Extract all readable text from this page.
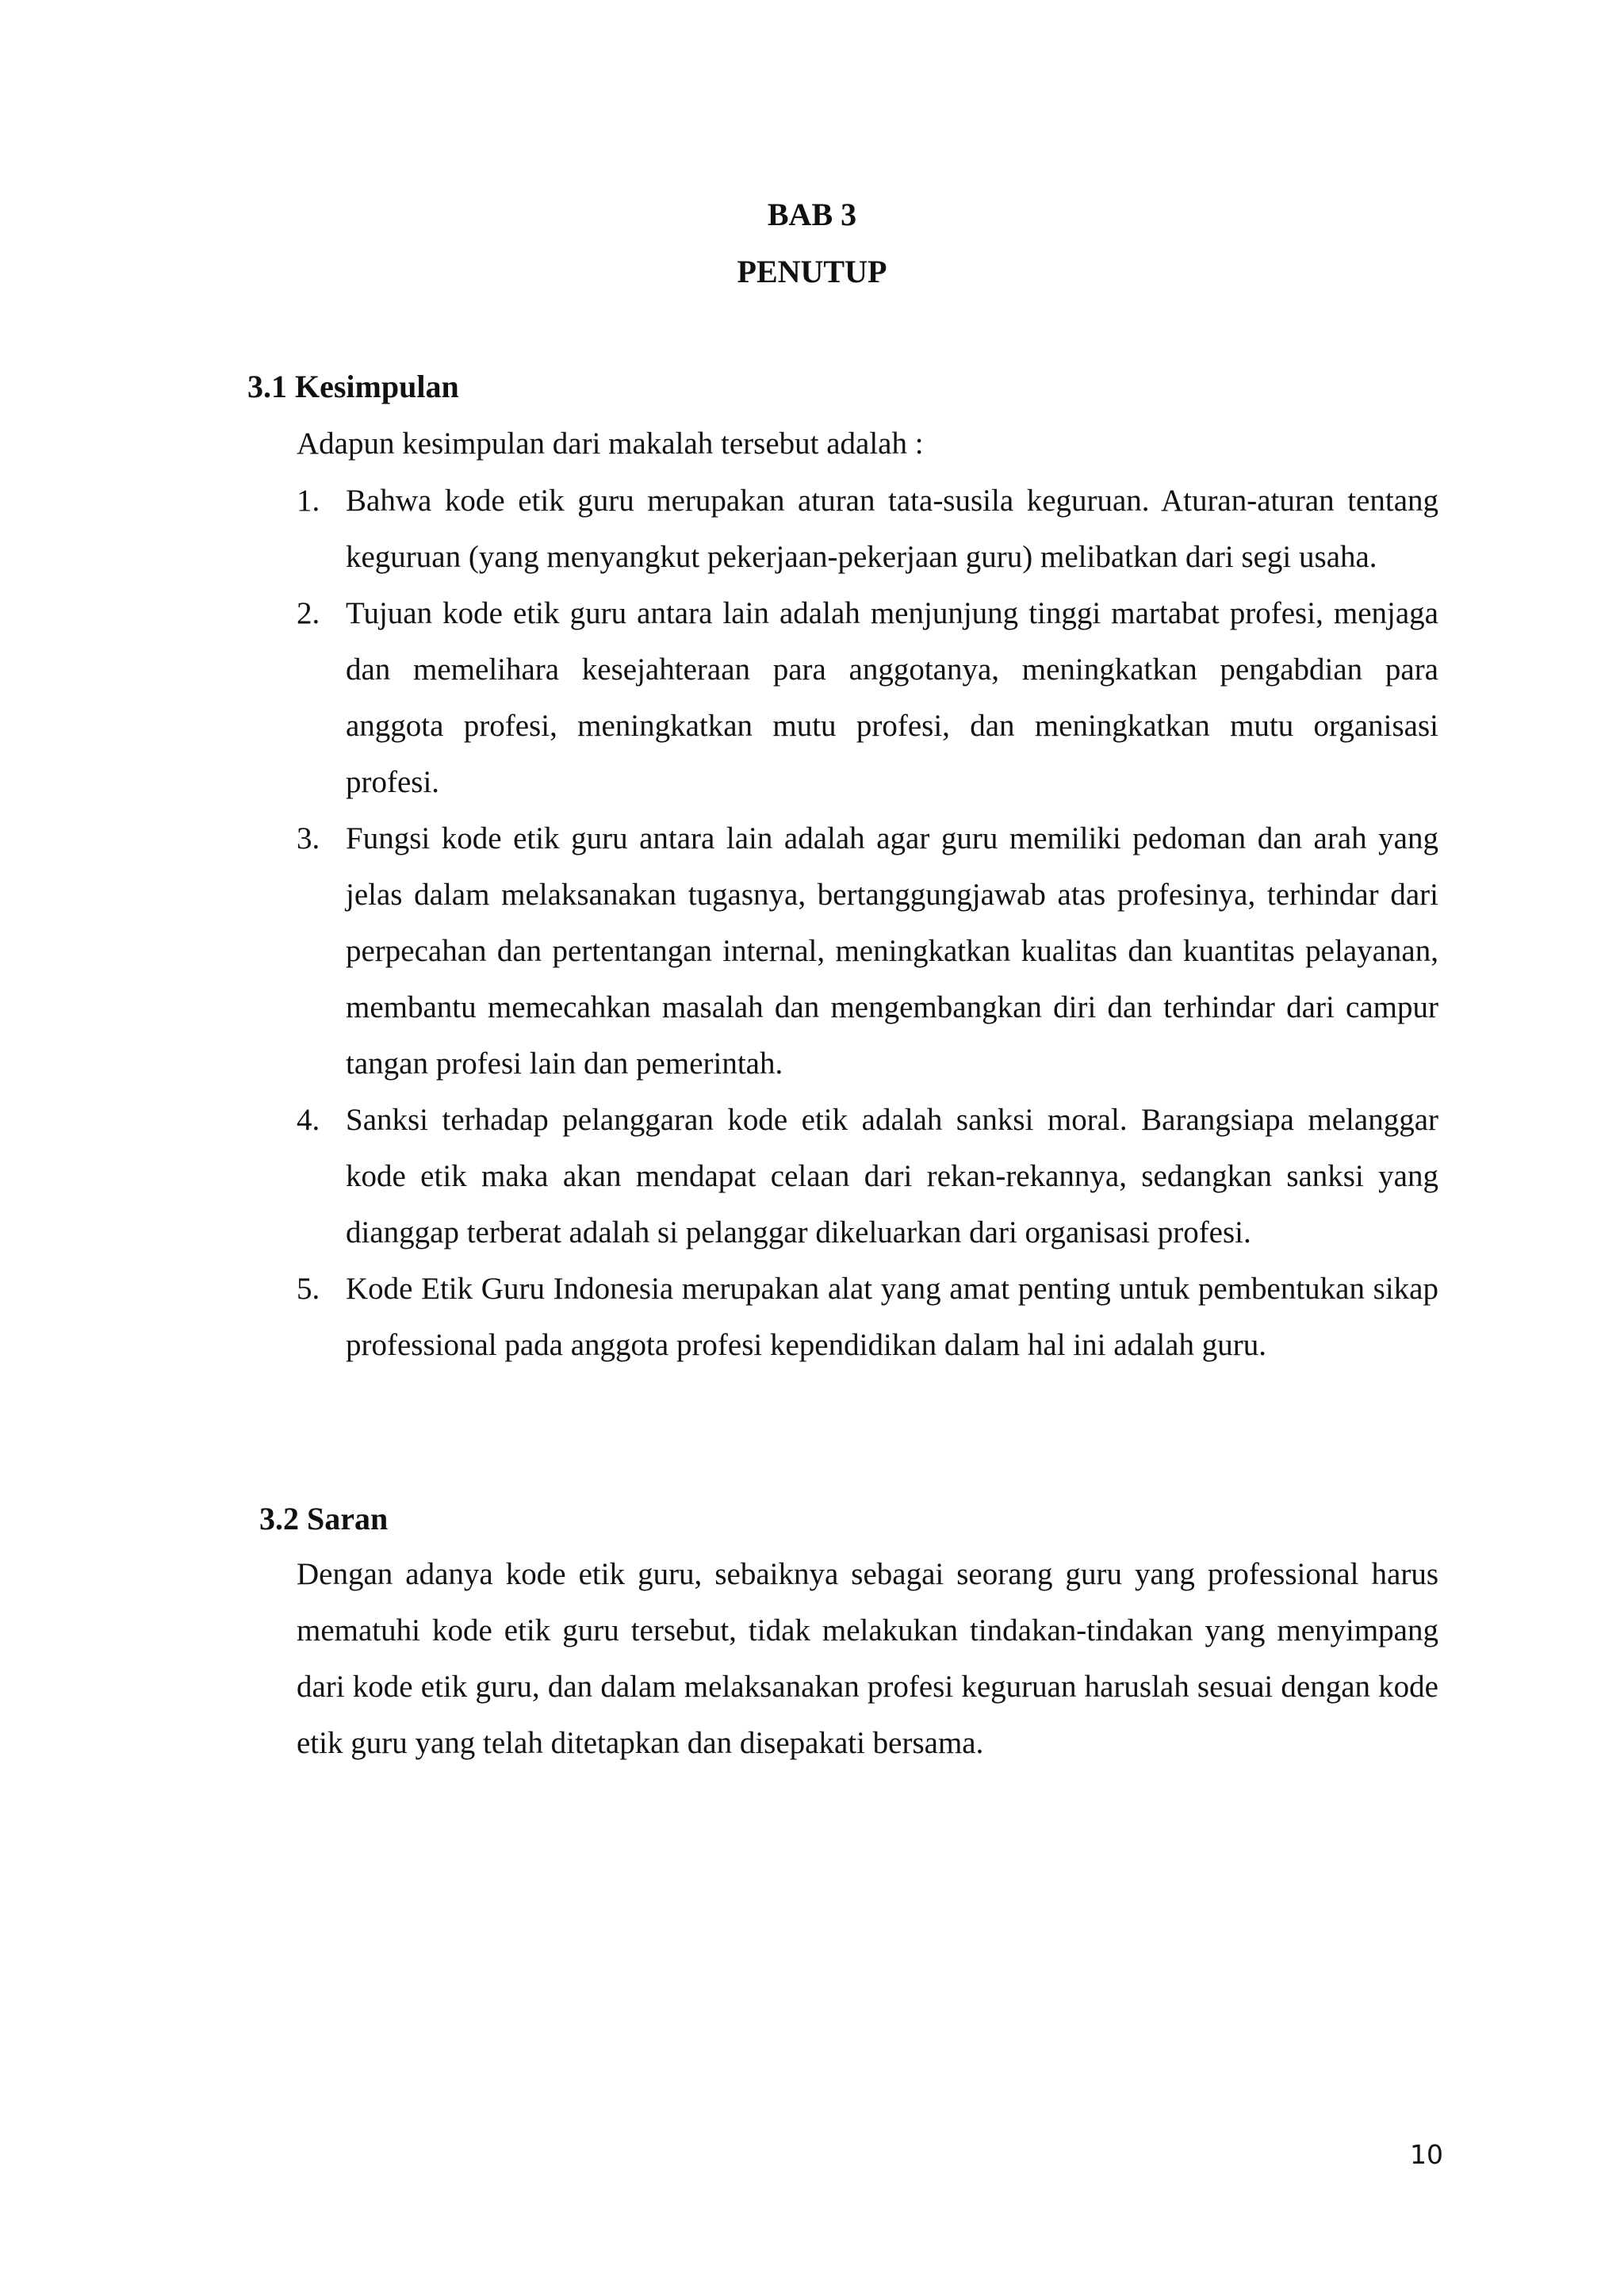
BAB 3
PENUTUP
3.1 Kesimpulan
Adapun kesimpulan dari makalah tersebut adalah :
1. Bahwa kode etik guru merupakan aturan tata-susila keguruan. Aturan-aturan tentang keguruan (yang menyangkut pekerjaan-pekerjaan guru) melibatkan dari segi usaha.
2. Tujuan kode etik guru antara lain adalah menjunjung tinggi martabat profesi, menjaga dan memelihara kesejahteraan para anggotanya, meningkatkan pengabdian para anggota profesi, meningkatkan mutu profesi, dan meningkatkan mutu organisasi profesi.
3. Fungsi kode etik guru antara lain adalah agar guru memiliki pedoman dan arah yang jelas dalam melaksanakan tugasnya, bertanggungjawab atas profesinya, terhindar dari perpecahan dan pertentangan internal, meningkatkan kualitas dan kuantitas pelayanan, membantu memecahkan masalah dan mengembangkan diri dan terhindar dari campur tangan profesi lain dan pemerintah.
4. Sanksi terhadap pelanggaran kode etik adalah sanksi moral. Barangsiapa melanggar kode etik maka akan mendapat celaan dari rekan-rekannya, sedangkan sanksi yang dianggap terberat adalah si pelanggar dikeluarkan dari organisasi profesi.
5. Kode Etik Guru Indonesia merupakan alat yang amat penting untuk pembentukan sikap professional pada anggota profesi kependidikan dalam hal ini adalah guru.
3.2 Saran

Dengan adanya kode etik guru, sebaiknya sebagai seorang guru yang professional harus mematuhi kode etik guru tersebut, tidak melakukan tindakan-tindakan yang menyimpang dari kode etik guru, dan dalam melaksanakan profesi keguruan haruslah sesuai dengan kode etik guru yang telah ditetapkan dan disepakati bersama.

10
